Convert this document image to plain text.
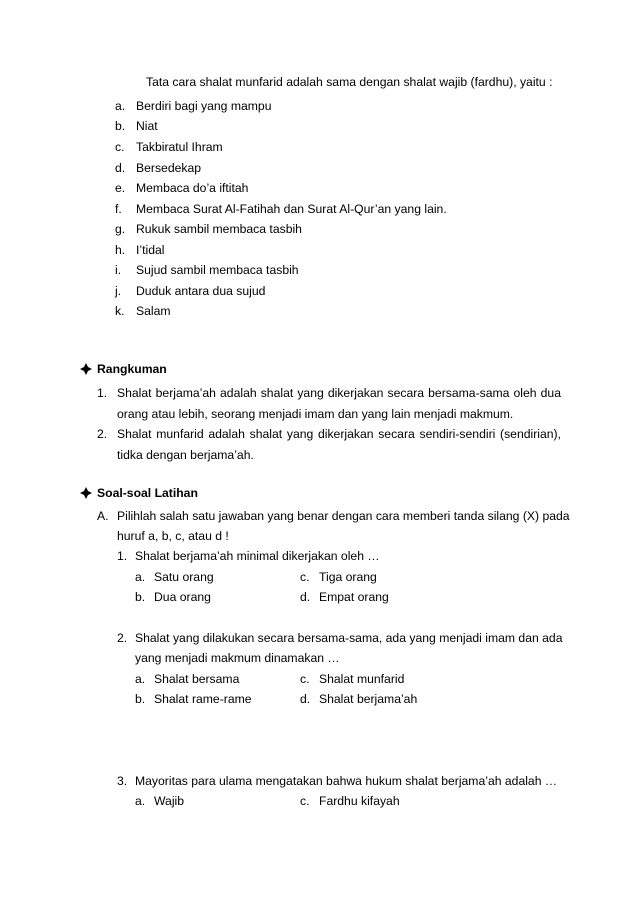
Tata cara shalat munfarid adalah sama dengan shalat wajib (fardhu), yaitu :
a. Berdiri bagi yang mampu
b. Niat
c. Takbiratul Ihram
d. Bersedekap
e. Membaca do’a iftitah
f. Membaca Surat Al-Fatihah dan Surat Al-Qur’an yang lain.
g. Rukuk sambil membaca tasbih
h. I’tidal
i. Sujud sambil membaca tasbih
j. Duduk antara dua sujud
k. Salam
Rangkuman
1. Shalat berjama’ah adalah shalat yang dikerjakan secara bersama-sama oleh dua
orang atau lebih, seorang menjadi imam dan yang lain menjadi makmum.
2. Shalat munfarid adalah shalat yang dikerjakan secara sendiri-sendiri (sendirian),
tidka dengan berjama’ah.
Soal-soal Latihan
A. Pilihlah salah satu jawaban yang benar dengan cara memberi tanda silang (X) pada
huruf a, b, c, atau d !
1. Shalat berjama’ah minimal dikerjakan oleh …
a. Satu orang	c. Tiga orang
b. Dua orang	d. Empat orang
2. Shalat yang dilakukan secara bersama-sama, ada yang menjadi imam dan ada
yang menjadi makmum dinamakan …
a. Shalat bersama	c. Shalat munfarid
b. Shalat rame-rame	d. Shalat berjama’ah
3. Mayoritas para ulama mengatakan bahwa hukum shalat berjama’ah adalah …
a. Wajib	c. Fardhu kifayah
